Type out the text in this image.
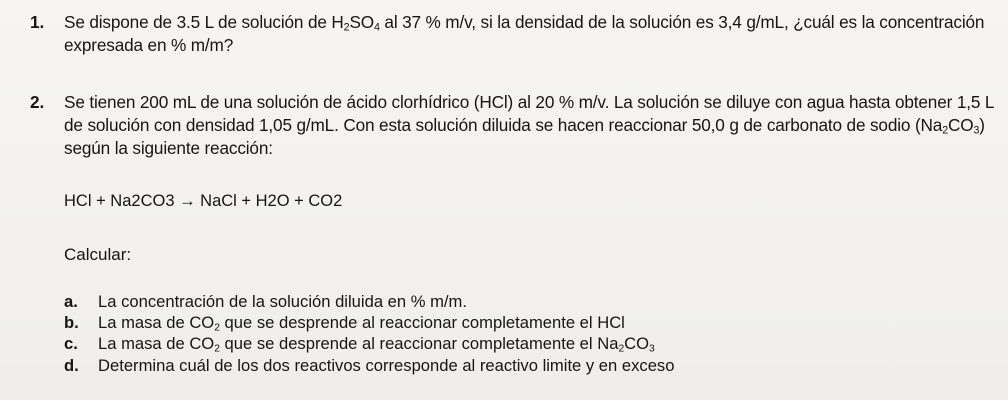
1. Se dispone de 3.5 L de solución de $H_2SO_4$ al 37 % m/v, si la densidad de la solución es 3,4 g/mL, ¿cuál es la concentración expresada en % m/m?
2. Se tienen 200 mL de una solución de ácido clorhídrico (HCl) al 20 % m/v. La solución se diluye con agua hasta obtener 1,5 L de solución con densidad 1,05 g/mL. Con esta solución diluida se hacen reaccionar 50,0 g de carbonato de sodio $(Na_2CO_3)$ según la siguiente reacción:
HCl + Na2CO3 → NaCl + H2O + CO2
Calcular:
a. La concentración de la solución diluida en % m/m.
b. La masa de $CO_2$ que se desprende al reaccionar completamente el HCl
c. La masa de $CO_2$ que se desprende al reaccionar completamente el $Na_2CO_3$
d. Determina cuál de los dos reactivos corresponde al reactivo limite y en exceso
